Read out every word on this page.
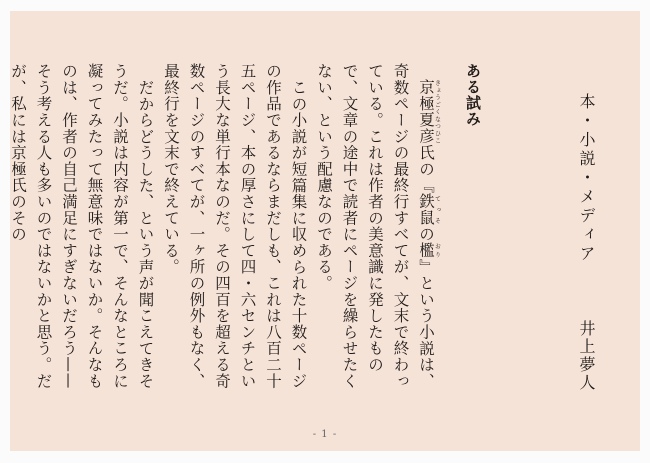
本・小説・メディア
井上夢人
ある試み

　京極夏彦きょうごくなつひこ氏の『鉄鼠てっその檻おり』という小説は、奇数ページの最終行すべてが、文末で終わっている。これは作者の美意識に発したもので、文章の途中で読者にページを繰らせたくない、という配慮なのである。

　この小説が短篇集に収められた十数ページの作品であるならまだしも、これは八百二十五ページ、本の厚さにして四・六センチという長大な単行本なのだ。その四百を超える奇数ページのすべてが、一ヶ所の例外もなく、最終行を文末で終えている。

　だからどうした、という声が聞こえてきそうだ。小説は内容が第一で、そんなところに凝ってみたって無意味ではないか。そんなものは、作者の自己満足にすぎないだろう——そう考える人も多いのではないかと思う。だが、私には京極氏のその

- 1 -
